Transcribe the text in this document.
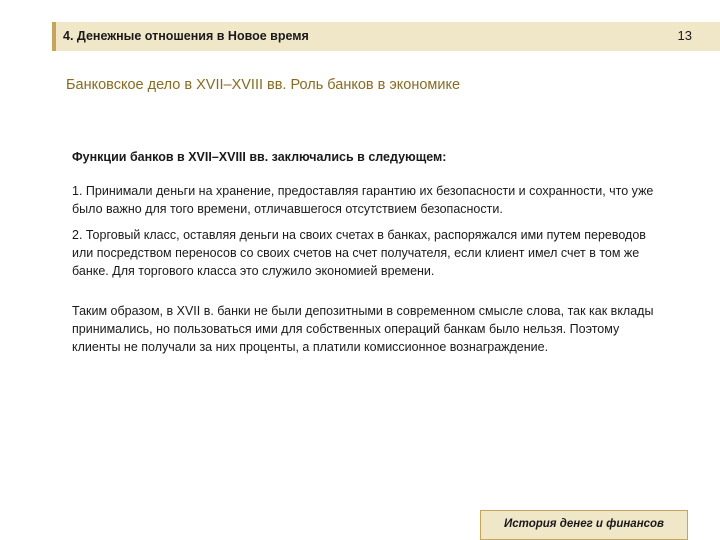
4. Денежные отношения в Новое время	13
Банковское дело в XVII–XVIII вв. Роль банков в экономике

Функции банков в XVII–XVIII вв. заключались в следующем:

1. Принимали деньги на хранение, предоставляя гарантию их безопасности и сохранности, что уже было важно для того времени, отличавшегося отсутствием безопасности.

2. Торговый класс, оставляя деньги на своих счетах в банках, распоряжался ими путем переводов или посредством переносов со своих счетов на счет получателя, если клиент имел счет в том же банке. Для торгового класса это служило экономией времени.

Таким образом, в XVII в. банки не были депозитными в современном смысле слова, так как вклады принимались, но пользоваться ими для собственных операций банкам было нельзя. Поэтому клиенты не получали за них проценты, а платили комиссионное вознаграждение.

История денег и финансов
